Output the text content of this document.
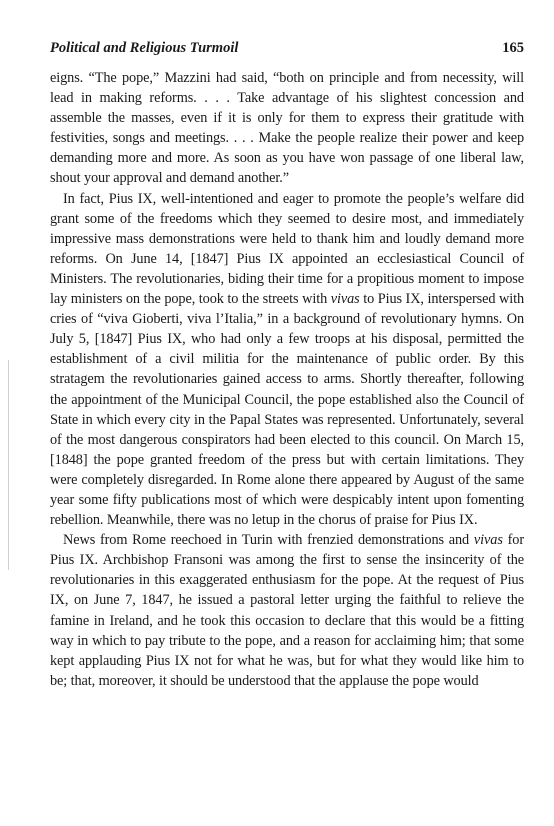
Political and Religious Turmoil	165

eigns. “The pope,” Mazzini had said, “both on principle and from necessity, will lead in making reforms. . . . Take advantage of his slightest concession and assemble the masses, even if it is only for them to express their gratitude with festivities, songs and meetings. . . . Make the people realize their power and keep demanding more and more. As soon as you have won passage of one liberal law, shout your approval and demand another.”

In fact, Pius IX, well-intentioned and eager to promote the people’s welfare did grant some of the freedoms which they seemed to desire most, and immediately impressive mass demonstrations were held to thank him and loudly demand more reforms. On June 14, [1847] Pius IX appointed an ecclesiastical Council of Ministers. The revolutionaries, biding their time for a propitious moment to impose lay ministers on the pope, took to the streets with vivas to Pius IX, interspersed with cries of “viva Gioberti, viva l’Italia,” in a background of revolutionary hymns. On July 5, [1847] Pius IX, who had only a few troops at his disposal, permitted the establishment of a civil militia for the maintenance of public order. By this stratagem the revolutionaries gained access to arms. Shortly thereafter, following the appointment of the Municipal Council, the pope established also the Council of State in which every city in the Papal States was represented. Unfortunately, several of the most dangerous conspirators had been elected to this council. On March 15, [1848] the pope granted freedom of the press but with certain limitations. They were completely disregarded. In Rome alone there appeared by August of the same year some fifty publications most of which were despicably intent upon fomenting rebellion. Meanwhile, there was no letup in the chorus of praise for Pius IX.

News from Rome reechoed in Turin with frenzied demonstrations and vivas for Pius IX. Archbishop Fransoni was among the first to sense the insincerity of the revolutionaries in this exaggerated enthusiasm for the pope. At the request of Pius IX, on June 7, 1847, he issued a pastoral letter urging the faithful to relieve the famine in Ireland, and he took this occasion to declare that this would be a fitting way in which to pay tribute to the pope, and a reason for acclaiming him; that some kept applauding Pius IX not for what he was, but for what they would like him to be; that, moreover, it should be understood that the applause the pope would
